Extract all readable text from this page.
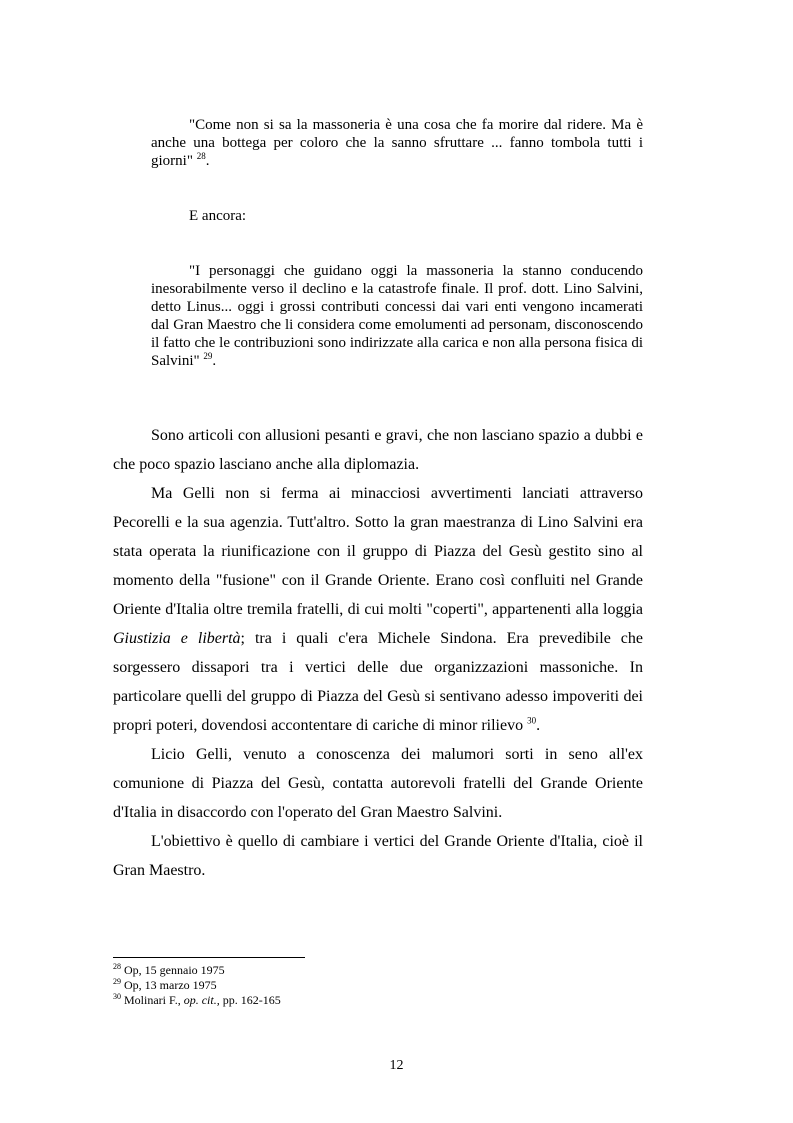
"Come non si sa la massoneria è una cosa che fa morire dal ridere. Ma è anche una bottega per coloro che la sanno sfruttare ... fanno tombola tutti i giorni" $^{28}$.
E ancora:
"I personaggi che guidano oggi la massoneria la stanno conducendo inesorabilmente verso il declino e la catastrofe finale. Il prof. dott. Lino Salvini, detto Linus... oggi i grossi contributi concessi dai vari enti vengono incamerati dal Gran Maestro che li considera come emolumenti ad personam, disconoscendo il fatto che le contribuzioni sono indirizzate alla carica e non alla persona fisica di Salvini" $^{29}$.

Sono articoli con allusioni pesanti e gravi, che non lasciano spazio a dubbi e che poco spazio lasciano anche alla diplomazia.

Ma Gelli non si ferma ai minacciosi avvertimenti lanciati attraverso Pecorelli e la sua agenzia. Tutt'altro. Sotto la gran maestranza di Lino Salvini era stata operata la riunificazione con il gruppo di Piazza del Gesù gestito sino al momento della "fusione" con il Grande Oriente. Erano così confluiti nel Grande Oriente d'Italia oltre tremila fratelli, di cui molti "coperti", appartenenti alla loggia Giustizia e libertà; tra i quali c'era Michele Sindona. Era prevedibile che sorgessero dissapori tra i vertici delle due organizzazioni massoniche. In particolare quelli del gruppo di Piazza del Gesù si sentivano adesso impoveriti dei propri poteri, dovendosi accontentare di cariche di minor rilievo $^{30}$.

Licio Gelli, venuto a conoscenza dei malumori sorti in seno all'ex comunione di Piazza del Gesù, contatta autorevoli fratelli del Grande Oriente d'Italia in disaccordo con l'operato del Gran Maestro Salvini.

L'obiettivo è quello di cambiare i vertici del Grande Oriente d'Italia, cioè il Gran Maestro.

$^{28}$ Op, 15 gennaio 1975
$^{29}$ Op, 13 marzo 1975
$^{30}$ Molinari F., op. cit., pp. 162-165
12
